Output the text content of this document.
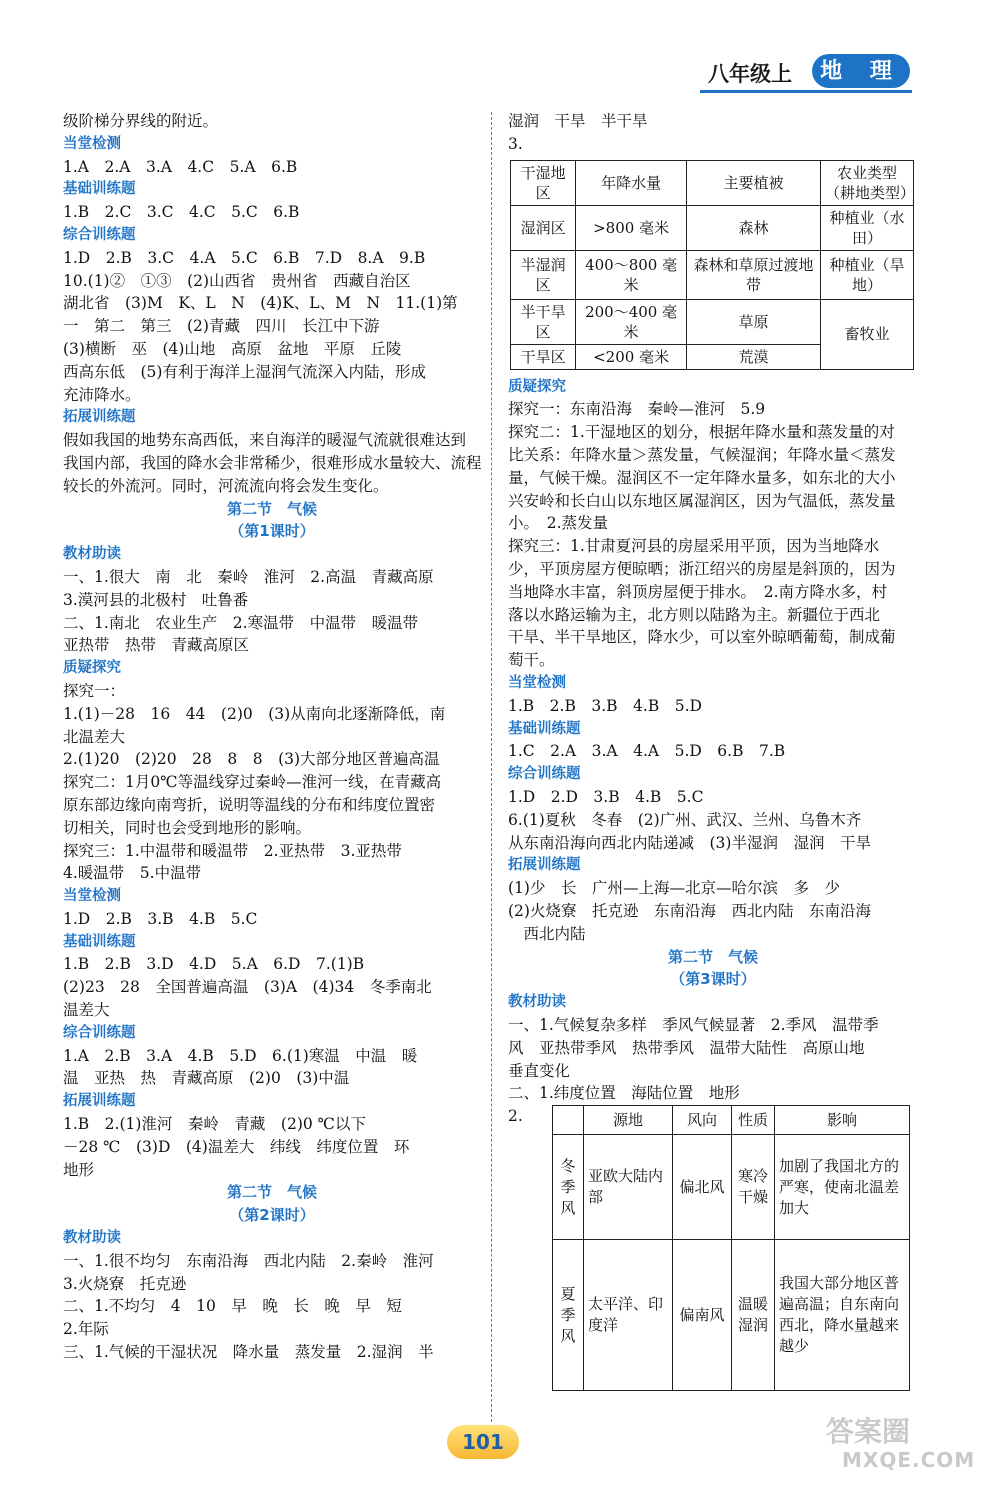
八年级上	地 理

级阶梯分界线的附近。

当堂检测

1.A　2.A　3.A　4.C　5.A　6.B

基础训练题

1.B　2.C　3.C　4.C　5.C　6.B

综合训练题

1.D　2.B　3.C　4.A　5.C　6.B　7.D　8.A　9.B

10.(1)②　①③　(2)山西省　贵州省　西藏自治区

湖北省　(3)M　K、L　N　(4)K、L、M　N　11.(1)第

一　第二　第三　(2)青藏　四川　长江中下游

(3)横断　巫　(4)山地　高原　盆地　平原　丘陵

西高东低　(5)有利于海洋上湿润气流深入内陆，形成

充沛降水。

拓展训练题

假如我国的地势东高西低，来自海洋的暖湿气流就很难达到

我国内部，我国的降水会非常稀少，很难形成水量较大、流程

较长的外流河。同时，河流流向将会发生变化。

第二节　气候

（第1课时）

教材助读

一、1.很大　南　北　秦岭　淮河　2.高温　青藏高原

3.漠河县的北极村　吐鲁番

二、1.南北　农业生产　2.寒温带　中温带　暖温带

亚热带　热带　青藏高原区

质疑探究

探究一：

1.(1)－28　16　44　(2)0　(3)从南向北逐渐降低，南

北温差大

2.(1)20　(2)20　28　8　8　(3)大部分地区普遍高温

探究二：1月0℃等温线穿过秦岭—淮河一线，在青藏高

原东部边缘向南弯折，说明等温线的分布和纬度位置密

切相关，同时也会受到地形的影响。

探究三：1.中温带和暖温带　2.亚热带　3.亚热带

4.暖温带　5.中温带

当堂检测

1.D　2.B　3.B　4.B　5.C

基础训练题

1.B　2.B　3.D　4.D　5.A　6.D　7.(1)B

(2)23　28　全国普遍高温　(3)A　(4)34　冬季南北

温差大

综合训练题

1.A　2.B　3.A　4.B　5.D　6.(1)寒温　中温　暖

温　亚热　热　青藏高原　(2)0　(3)中温

拓展训练题

1.B　2.(1)淮河　秦岭　青藏　(2)0 ℃以下

－28 ℃　(3)D　(4)温差大　纬线　纬度位置　环

地形

第二节　气候

（第2课时）

教材助读

一、1.很不均匀　东南沿海　西北内陆　2.秦岭　淮河

3.火烧寮　托克逊

二、1.不均匀　4　10　早　晚　长　晚　早　短

2.年际

三、1.气候的干湿状况　降水量　蒸发量　2.湿润　半

湿润　干旱　半干旱

3.

干湿地区	年降水量	主要植被	农业类型（耕地类型）
湿润区	>800 毫米	森林	种植业（水田）
半湿润区	400～800 毫米	森林和草原过渡地带	种植业（旱地）
半干旱区	200～400 毫米	草原	畜牧业
干旱区	<200 毫米	荒漠	

质疑探究

探究一：东南沿海　秦岭—淮河　5.9

探究二：1.干湿地区的划分，根据年降水量和蒸发量的对

比关系：年降水量＞蒸发量，气候湿润；年降水量＜蒸发

量，气候干燥。湿润区不一定年降水量多，如东北的大小

兴安岭和长白山以东地区属湿润区，因为气温低，蒸发量

小。　2.蒸发量

探究三：1.甘肃夏河县的房屋采用平顶，因为当地降水

少，平顶房屋方便晾晒；浙江绍兴的房屋是斜顶的，因为

当地降水丰富，斜顶房屋便于排水。　2.南方降水多，村

落以水路运输为主，北方则以陆路为主。新疆位于西北

干旱、半干旱地区，降水少，可以室外晾晒葡萄，制成葡

萄干。

当堂检测

1.B　2.B　3.B　4.B　5.D

基础训练题

1.C　2.A　3.A　4.A　5.D　6.B　7.B

综合训练题

1.D　2.D　3.B　4.B　5.C

6.(1)夏秋　冬春　(2)广州、武汉、兰州、乌鲁木齐

从东南沿海向西北内陆递减　(3)半湿润　湿润　干旱

拓展训练题

(1)少　长　广州—上海—北京—哈尔滨　多　少

(2)火烧寮　托克逊　东南沿海　西北内陆　东南沿海

　西北内陆

第二节　气候

（第3课时）

教材助读

一、1.气候复杂多样　季风气候显著　2.季风　温带季

风　亚热带季风　热带季风　温带大陆性　高原山地

垂直变化

二、1.纬度位置　海陆位置　地形

2.

		源地	风向	性质	影响
冬季风	亚欧大陆内部	偏北风	寒冷干燥	加剧了我国北方的严寒，使南北温差加大
夏季风	太平洋、印度洋	偏南风	温暖湿润	我国大部分地区普遍高温；自东南向西北，降水量越来越少
101	答案圈
MXQE.COM
